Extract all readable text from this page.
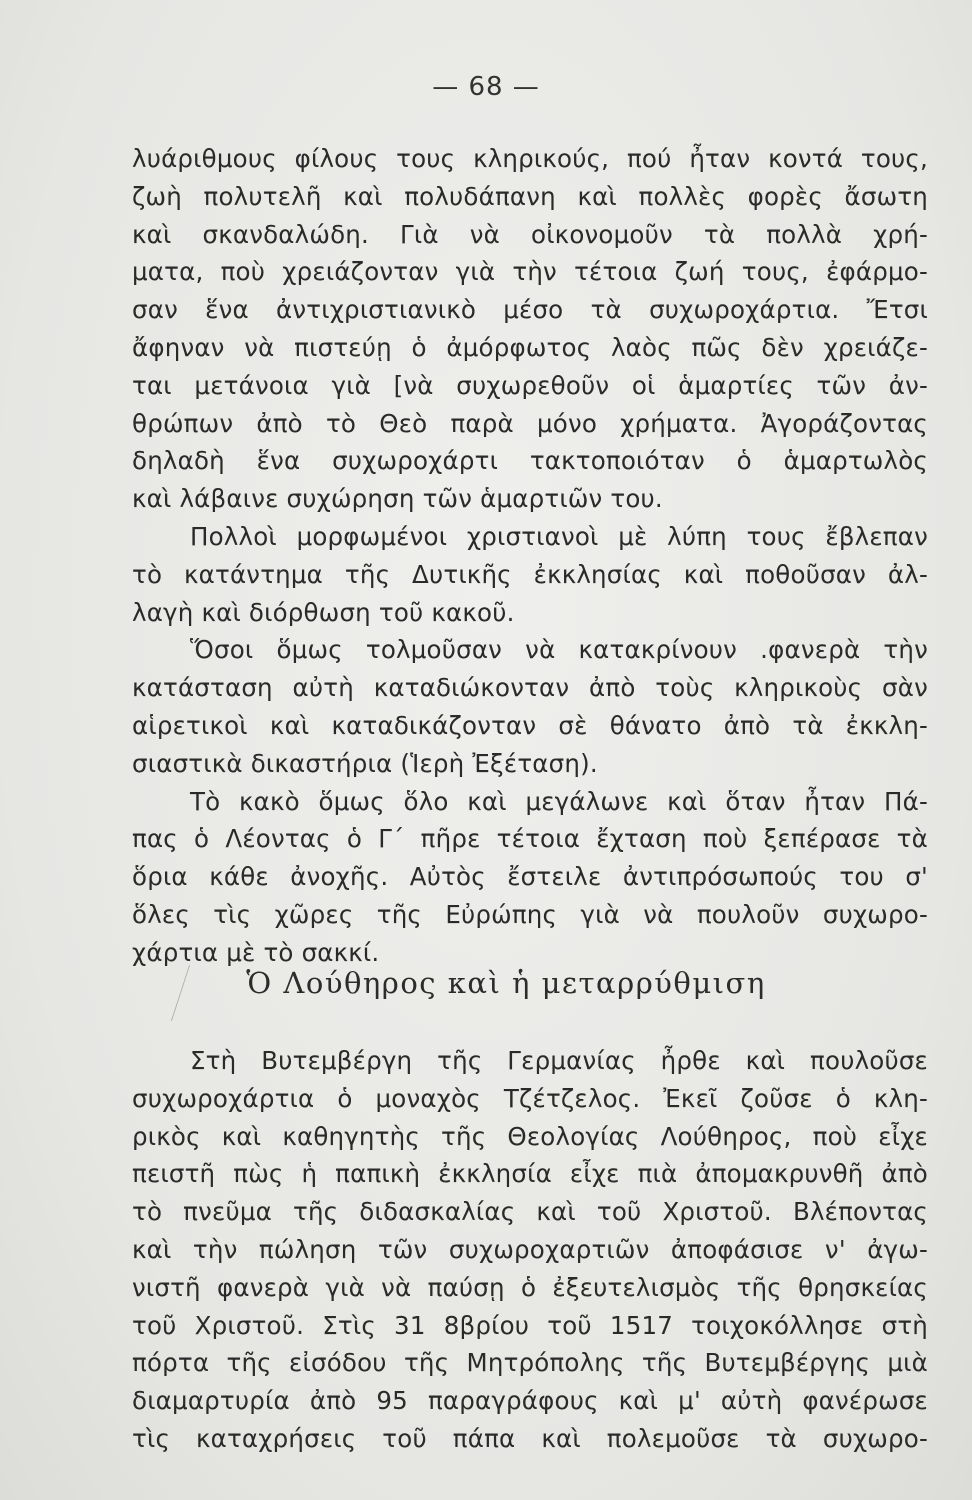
— 68 —
λυάριθμους φίλους τους κληρικούς, πού ἦταν κοντά τους,
ζωὴ πολυτελῆ καὶ πολυδάπανη καὶ πολλὲς φορὲς ἄσωτη
καὶ σκανδαλώδη. Γιὰ νὰ οἰκονομοῦν τὰ πολλὰ χρή-
ματα, ποὺ χρειάζονταν γιὰ τὴν τέτοια ζωή τους, ἐφάρμο-
σαν ἕνα ἀντιχριστιανικὸ μέσο τὰ συχωροχάρτια. Ἔτσι
ἄφηναν νὰ πιστεύῃ ὁ ἀμόρφωτος λαὸς πῶς δὲν χρειάζε-
ται μετάνοια γιὰ [νὰ συχωρεθοῦν οἱ ἁμαρτίες τῶν ἀν-
θρώπων ἀπὸ τὸ Θεὸ παρὰ μόνο χρήματα. Ἀγοράζοντας
δηλαδὴ ἕνα συχωροχάρτι τακτοποιόταν ὁ ἁμαρτωλὸς
καὶ λάβαινε συχώρηση τῶν ἁμαρτιῶν του.
Πολλοὶ μορφωμένοι χριστιανοὶ μὲ λύπη τους ἔβλεπαν
τὸ κατάντημα τῆς Δυτικῆς ἐκκλησίας καὶ ποθοῦσαν ἀλ-
λαγὴ καὶ διόρθωση τοῦ κακοῦ.
Ὅσοι ὅμως τολμοῦσαν νὰ κατακρίνουν .φανερὰ τὴν
κατάσταση αὐτὴ καταδιώκονταν ἀπὸ τοὺς κληρικοὺς σὰν
αἱρετικοὶ καὶ καταδικάζονταν σὲ θάνατο ἀπὸ τὰ ἐκκλη-
σιαστικὰ δικαστήρια (Ἱερὴ Ἐξέταση).
Τὸ κακὸ ὅμως ὅλο καὶ μεγάλωνε καὶ ὅταν ἦταν Πά-
πας ὁ Λέοντας ὁ Γ΄ πῆρε τέτοια ἔχταση ποὺ ξεπέρασε τὰ
ὅρια κάθε ἀνοχῆς. Αὐτὸς ἔστειλε ἀντιπρόσωπούς του σ'
ὅλες τὶς χῶρες τῆς Εὐρώπης γιὰ νὰ πουλοῦν συχωρο-
χάρτια μὲ τὸ σακκί.
Ὁ Λούθηρος καὶ ἡ μεταρρύθμιση
Στὴ Βυτεμβέργη τῆς Γερμανίας ἦρθε καὶ πουλοῦσε
συχωροχάρτια ὁ μοναχὸς Τζέτζελος. Ἐκεῖ ζοῦσε ὁ κλη-
ρικὸς καὶ καθηγητὴς τῆς Θεολογίας Λούθηρος, ποὺ εἶχε
πειστῆ πὼς ἡ παπικὴ ἐκκλησία εἶχε πιὰ ἀπομακρυνθῆ ἀπὸ
τὸ πνεῦμα τῆς διδασκαλίας καὶ τοῦ Χριστοῦ. Βλέποντας
καὶ τὴν πώληση τῶν συχωροχαρτιῶν ἀποφάσισε ν' ἀγω-
νιστῆ φανερὰ γιὰ νὰ παύσῃ ὁ ἐξευτελισμὸς τῆς θρησκείας
τοῦ Χριστοῦ. Στὶς 31 8βρίου τοῦ 1517 τοιχοκόλλησε στὴ
πόρτα τῆς εἰσόδου τῆς Μητρόπολης τῆς Βυτεμβέργης μιὰ
διαμαρτυρία ἀπὸ 95 παραγράφους καὶ μ' αὐτὴ φανέρωσε
τὶς καταχρήσεις τοῦ πάπα καὶ πολεμοῦσε τὰ συχωρο-
